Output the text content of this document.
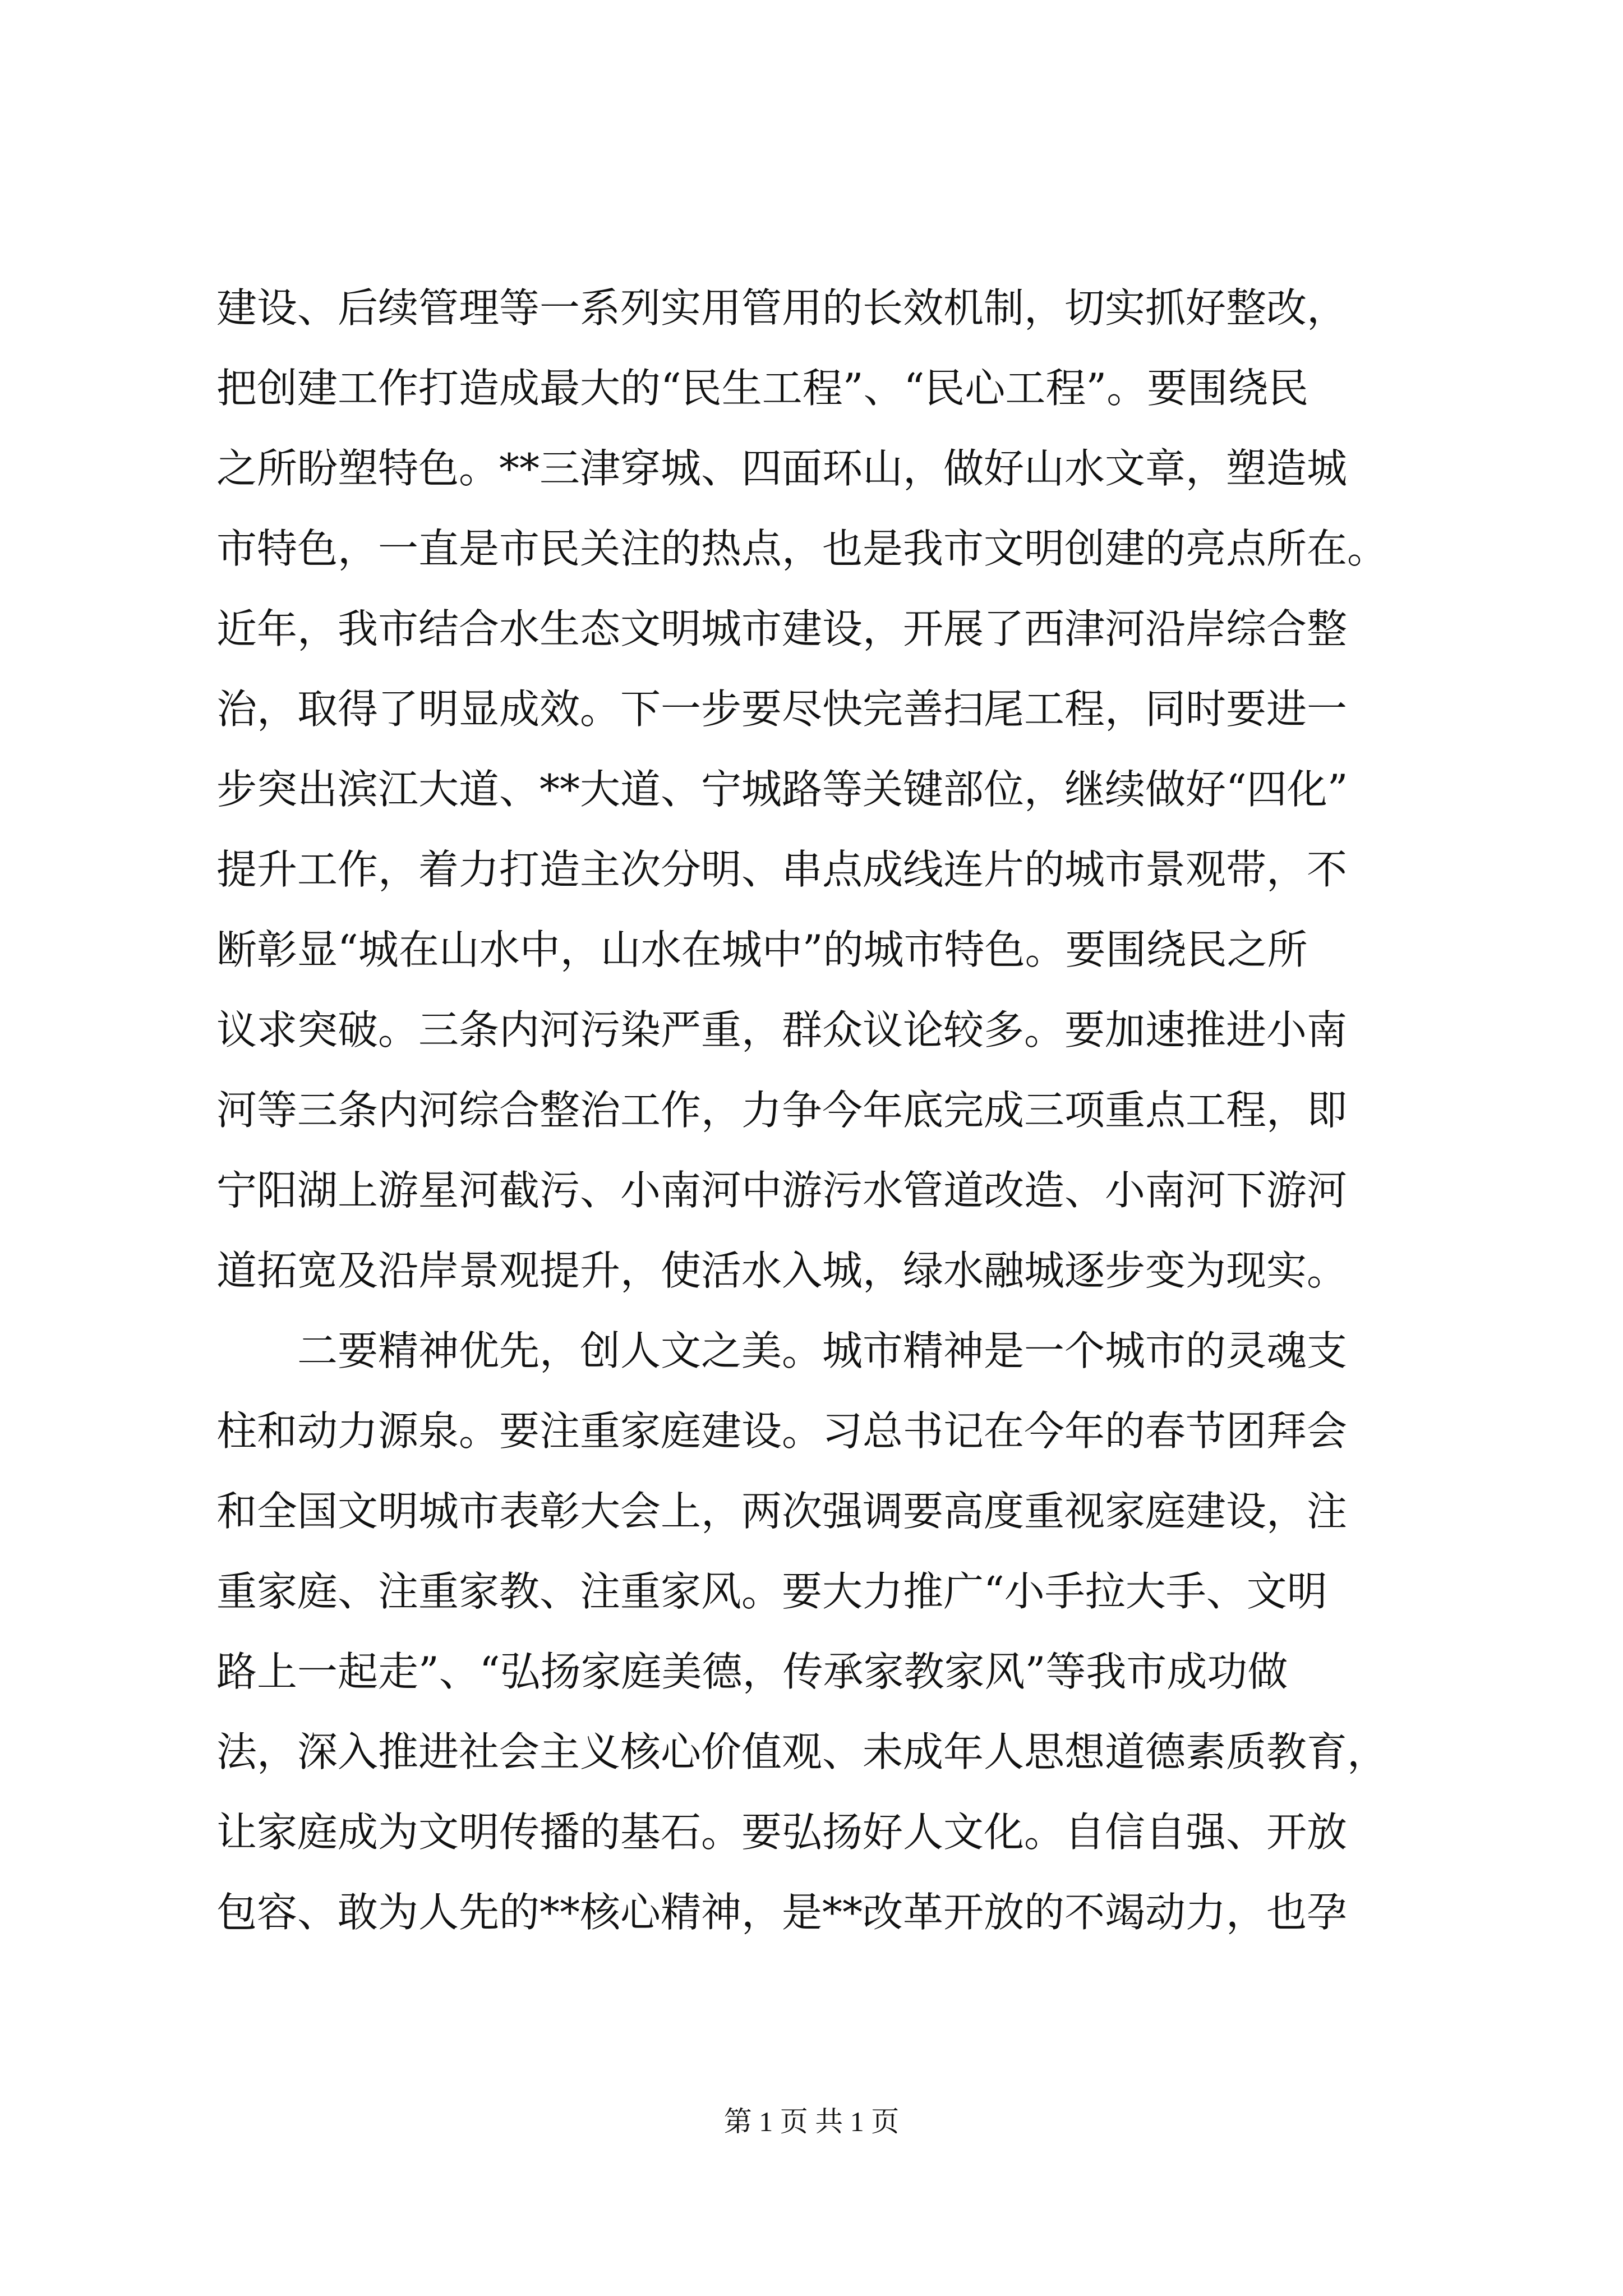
建设、后续管理等一系列实用管用的长效机制，切实抓好整改，
把创建工作打造成最大的“民生工程”、“民心工程”。要围绕民
之所盼塑特色。**三津穿城、四面环山，做好山水文章，塑造城
市特色，一直是市民关注的热点，也是我市文明创建的亮点所在。
近年，我市结合水生态文明城市建设，开展了西津河沿岸综合整
治，取得了明显成效。下一步要尽快完善扫尾工程，同时要进一
步突出滨江大道、**大道、宁城路等关键部位，继续做好“四化”
提升工作，着力打造主次分明、串点成线连片的城市景观带，不
断彰显“城在山水中，山水在城中”的城市特色。要围绕民之所
议求突破。三条内河污染严重，群众议论较多。要加速推进小南
河等三条内河综合整治工作，力争今年底完成三项重点工程，即
宁阳湖上游星河截污、小南河中游污水管道改造、小南河下游河
道拓宽及沿岸景观提升，使活水入城，绿水融城逐步变为现实。
　　二要精神优先，创人文之美。城市精神是一个城市的灵魂支
柱和动力源泉。要注重家庭建设。习总书记在今年的春节团拜会
和全国文明城市表彰大会上，两次强调要高度重视家庭建设，注
重家庭、注重家教、注重家风。要大力推广“小手拉大手、文明
路上一起走”、“弘扬家庭美德，传承家教家风”等我市成功做
法，深入推进社会主义核心价值观、未成年人思想道德素质教育，
让家庭成为文明传播的基石。要弘扬好人文化。自信自强、开放
包容、敢为人先的**核心精神，是**改革开放的不竭动力，也孕
第 1 页 共 1 页
